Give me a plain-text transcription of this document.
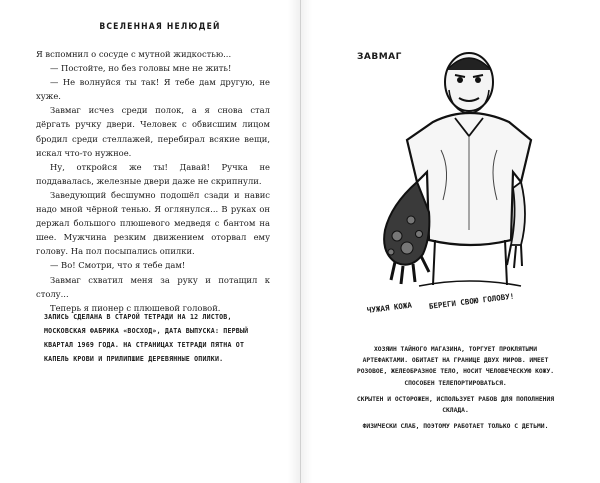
ВСЕЛЕННАЯ НЕЛЮДЕЙ

Я вспомнил о сосуде с мутной жидкостью...

— Постойте, но без головы мне не жить!

— Не волнуйся ты так! Я тебе дам другую, не хуже.

Завмаг исчез среди полок, а я снова стал дёргать ручку двери. Человек с обвисшим лицом бродил среди стеллажей, перебирал всякие вещи, искал что-то нужное.

Ну, откройся же ты! Давай! Ручка не поддавалась, железные двери даже не скрипнули.

Заведующий бесшумно подошёл сзади и навис надо мной чёрной тенью. Я оглянулся... В руках он держал большого плюшевого медведя с бантом на шее. Мужчина резким движением оторвал ему голову. На пол посыпались опилки.

— Во! Смотри, что я тебе дам!

Завмаг схватил меня за руку и потащил к столу...

Теперь я пионер с плюшевой головой.

ЗАПИСЬ СДЕЛАНА В СТАРОЙ ТЕТРАДИ НА 12 ЛИСТОВ, МОСКОВСКАЯ ФАБРИКА «ВОСХОД», ДАТА ВЫПУСКА: ПЕРВЫЙ КВАРТАЛ 1969 ГОДА. НА СТРАНИЦАХ ТЕТРАДИ ПЯТНА ОТ КАПЕЛЬ КРОВИ И ПРИЛИПШИЕ ДЕРЕВЯННЫЕ ОПИЛКИ.
ЗАВМАГ
ЧУЖАЯ КОЖА БЕРЕГИ СВОЮ ГОЛОВУ!

ХОЗЯИН ТАЙНОГО МАГАЗИНА, ТОРГУЕТ ПРОКЛЯТЫМИ АРТЕФАКТАМИ. ОБИТАЕТ НА ГРАНИЦЕ ДВУХ МИРОВ. ИМЕЕТ РОЗОВОЕ, ЖЕЛЕОБРАЗНОЕ ТЕЛО, НОСИТ ЧЕЛОВЕЧЕСКУЮ КОЖУ. СПОСОБЕН ТЕЛЕПОРТИРОВАТЬСЯ.

СКРЫТЕН И ОСТОРОЖЕН, ИСПОЛЬЗУЕТ РАБОВ ДЛЯ ПОПОЛНЕНИЯ СКЛАДА.

ФИЗИЧЕСКИ СЛАБ, ПОЭТОМУ РАБОТАЕТ ТОЛЬКО С ДЕТЬМИ.
